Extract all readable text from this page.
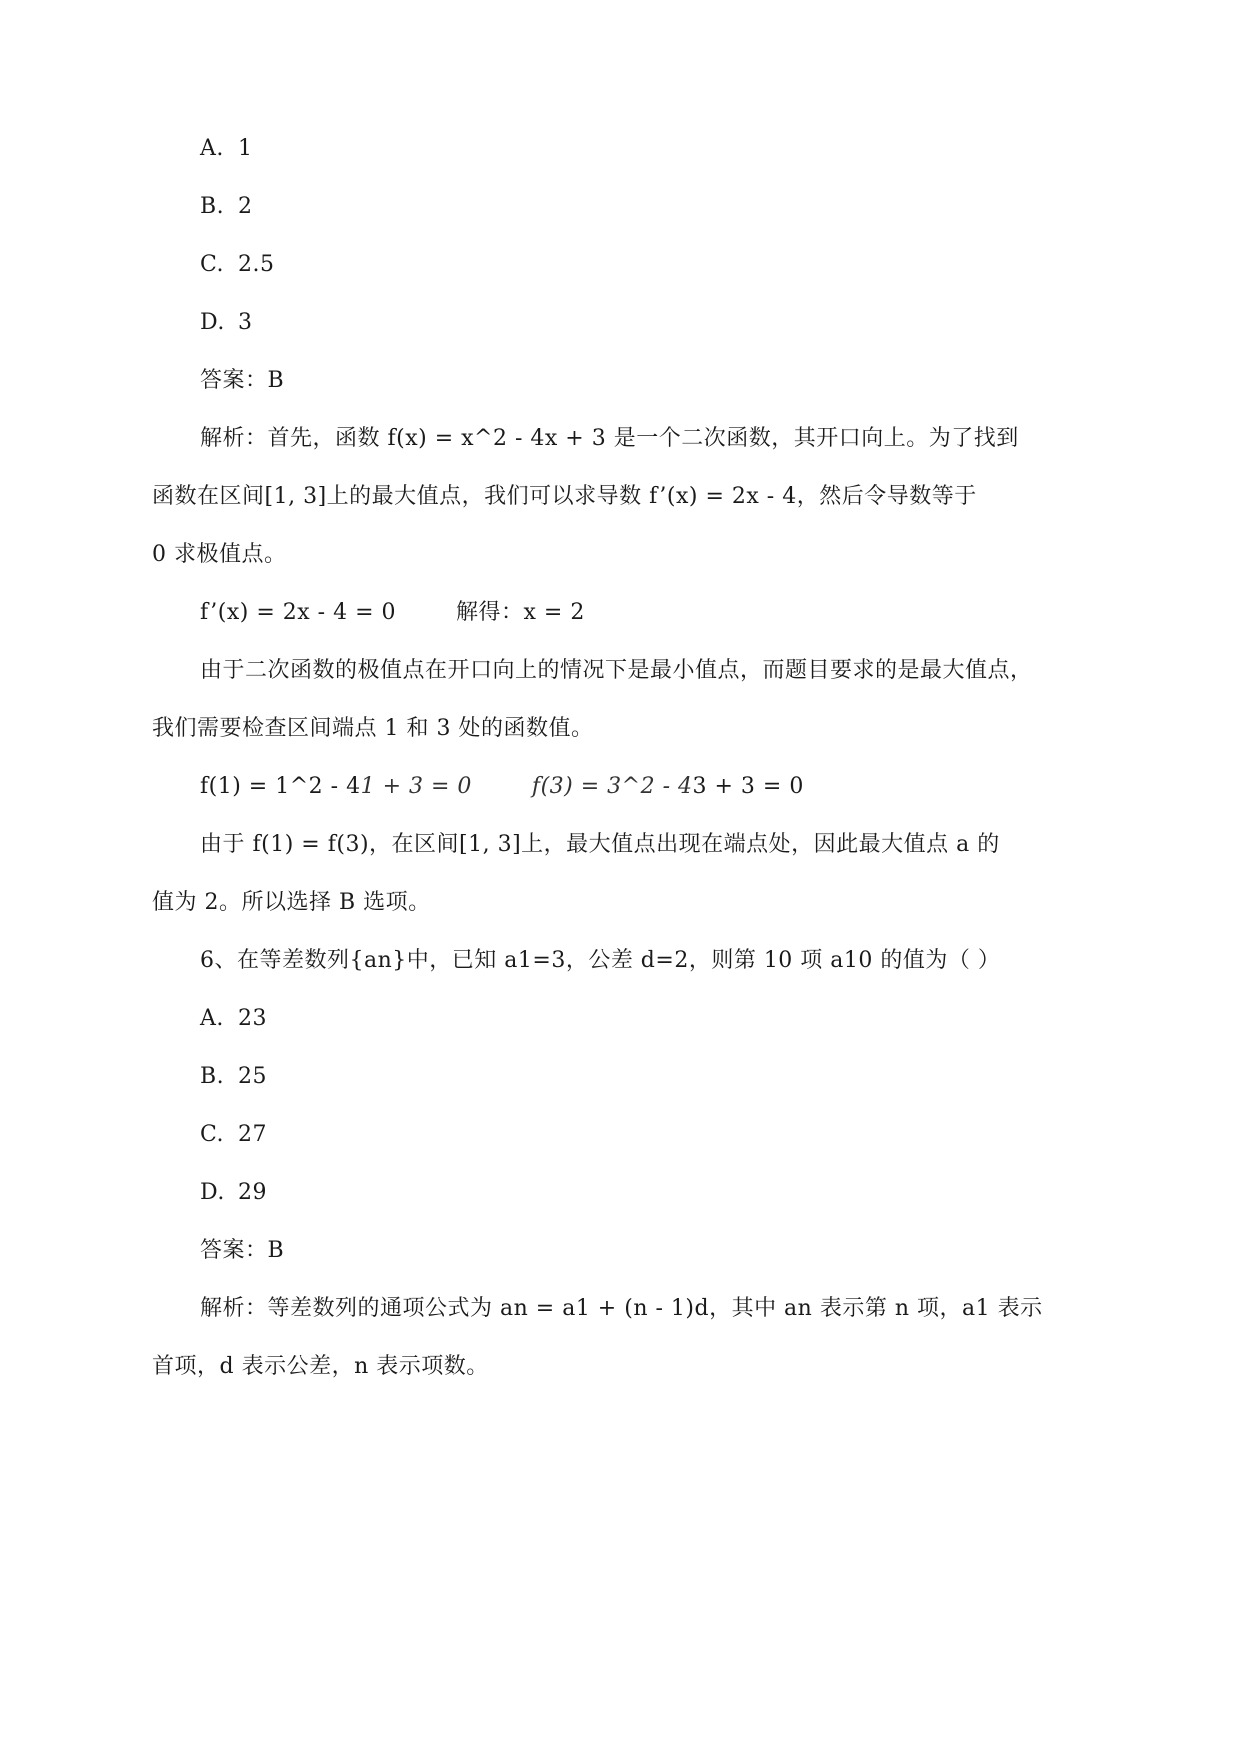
A. 1
B. 2
C. 2.5
D. 3
答案：B
解析：首先，函数 f(x) = x^2 - 4x + 3 是一个二次函数，其开口向上。为了找到
函数在区间[1, 3]上的最大值点，我们可以求导数 f’(x) = 2x - 4，然后令导数等于
0 求极值点。
f’(x) = 2x - 4 = 0	解得：x = 2
由于二次函数的极值点在开口向上的情况下是最小值点，而题目要求的是最大值点，
我们需要检查区间端点 1 和 3 处的函数值。
f(1) = 1^2 - 41 + 3 = 0	f(3) = 3^2 - 43 + 3 = 0
由于 f(1) = f(3)，在区间[1, 3]上，最大值点出现在端点处，因此最大值点 a 的
值为 2。所以选择 B 选项。
6、在等差数列{an}中，已知 a1=3，公差 d=2，则第 10 项 a10 的值为（ ）
A. 23
B. 25
C. 27
D. 29
答案：B
解析：等差数列的通项公式为 an = a1 + (n - 1)d，其中 an 表示第 n 项，a1 表示
首项，d 表示公差，n 表示项数。
